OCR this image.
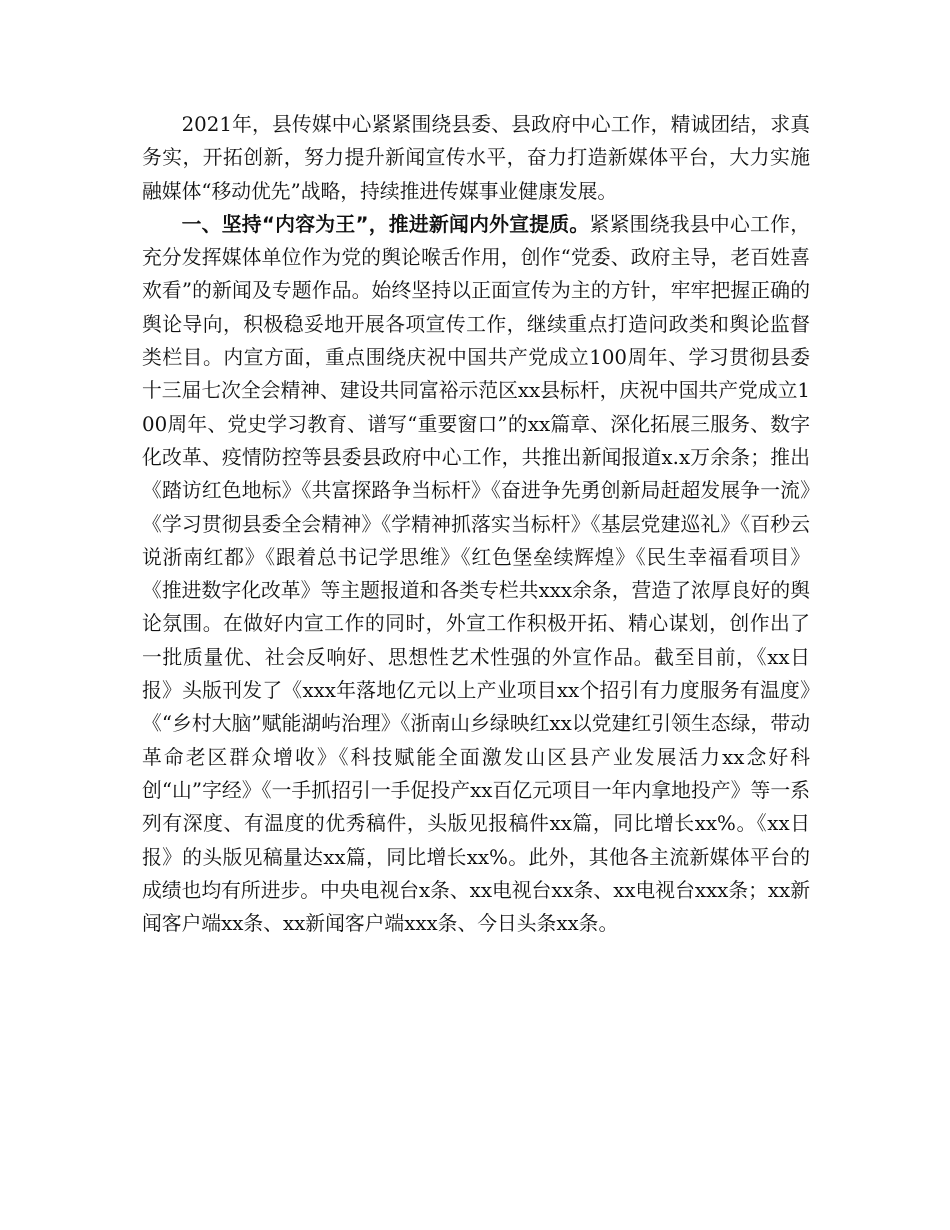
2021年，县传媒中心紧紧围绕县委、县政府中心工作，精诚团结，求真务实，开拓创新，努力提升新闻宣传水平，奋力打造新媒体平台，大力实施融媒体“移动优先”战略，持续推进传媒事业健康发展。

一、坚持“内容为王”，推进新闻内外宣提质。紧紧围绕我县中心工作，充分发挥媒体单位作为党的舆论喉舌作用，创作“党委、政府主导，老百姓喜欢看”的新闻及专题作品。始终坚持以正面宣传为主的方针，牢牢把握正确的舆论导向，积极稳妥地开展各项宣传工作，继续重点打造问政类和舆论监督类栏目。内宣方面，重点围绕庆祝中国共产党成立100周年、学习贯彻县委十三届七次全会精神、建设共同富裕示范区xx县标杆，庆祝中国共产党成立100周年、党史学习教育、谱写“重要窗口”的xx篇章、深化拓展三服务、数字化改革、疫情防控等县委县政府中心工作，共推出新闻报道x.x万余条；推出《踏访红色地标》《共富探路争当标杆》《奋进争先勇创新局赶超发展争一流》《学习贯彻县委全会精神》《学精神抓落实当标杆》《基层党建巡礼》《百秒云说浙南红都》《跟着总书记学思维》《红色堡垒续辉煌》《民生幸福看项目》《推进数字化改革》等主题报道和各类专栏共xxx余条，营造了浓厚良好的舆论氛围。在做好内宣工作的同时，外宣工作积极开拓、精心谋划，创作出了一批质量优、社会反响好、思想性艺术性强的外宣作品。截至目前，《xx日报》头版刊发了《xxx年落地亿元以上产业项目xx个招引有力度服务有温度》《“乡村大脑”赋能湖屿治理》《浙南山乡绿映红xx以党建红引领生态绿，带动革命老区群众增收》《科技赋能全面激发山区县产业发展活力xx念好科创“山”字经》《一手抓招引一手促投产xx百亿元项目一年内拿地投产》等一系列有深度、有温度的优秀稿件，头版见报稿件xx篇，同比增长xx%。《xx日报》的头版见稿量达xx篇，同比增长xx%。此外，其他各主流新媒体平台的成绩也均有所进步。中央电视台x条、xx电视台xx条、xx电视台xxx条；xx新闻客户端xx条、xx新闻客户端xxx条、今日头条xx条。
